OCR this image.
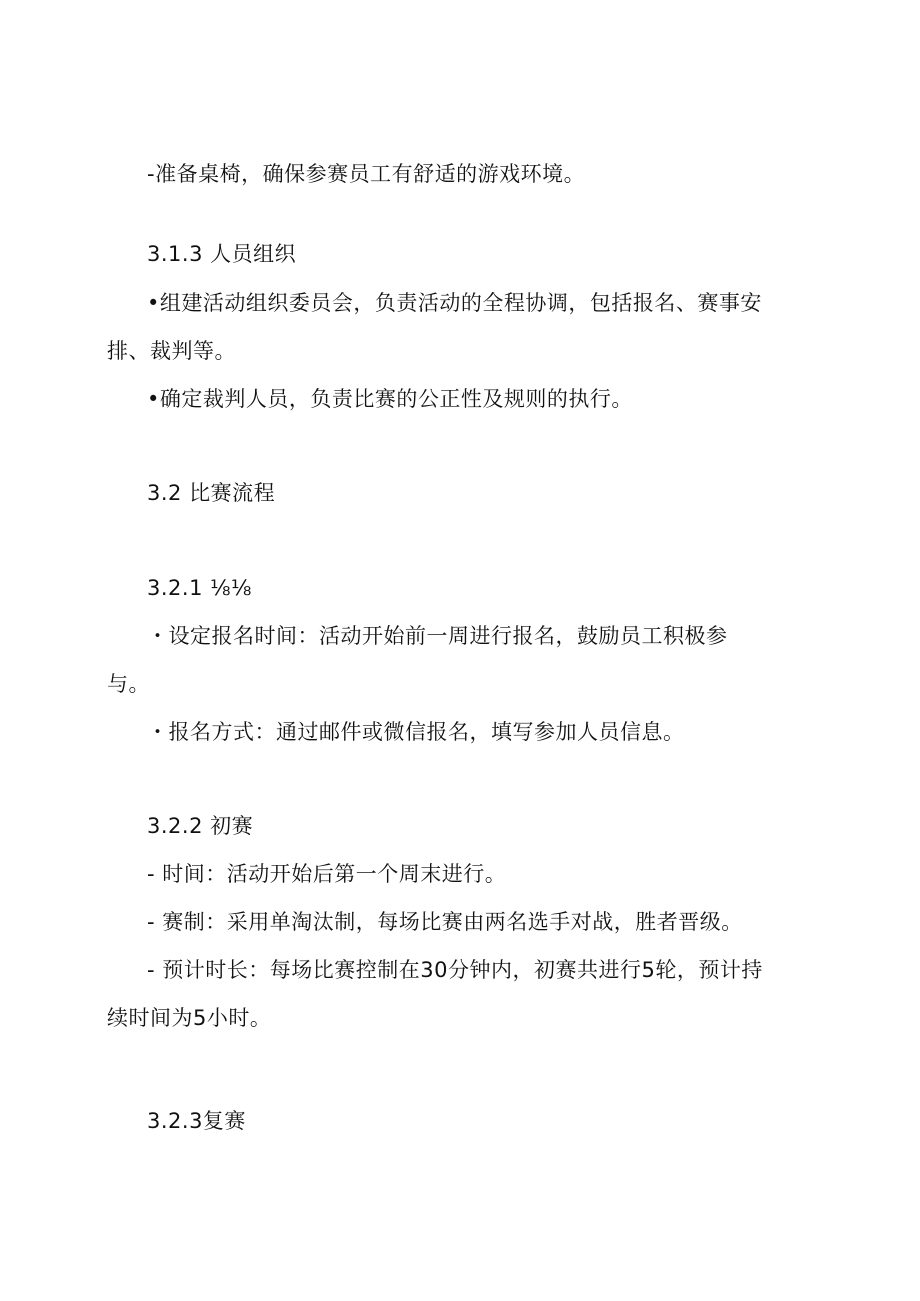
-准备桌椅，确保参赛员工有舒适的游戏环境。
3.1.3 人员组织
•组建活动组织委员会，负责活动的全程协调，包括报名、赛事安
排、裁判等。
•确定裁判人员，负责比赛的公正性及规则的执行。
3.2 比赛流程
3.2.1 ⅛⅛
・设定报名时间：活动开始前一周进行报名，鼓励员工积极参
与。
・报名方式：通过邮件或微信报名，填写参加人员信息。
3.2.2 初赛
- 时间：活动开始后第一个周末进行。
- 赛制：采用单淘汰制，每场比赛由两名选手对战，胜者晋级。
- 预计时长：每场比赛控制在30分钟内，初赛共进行5轮，预计持
续时间为5小时。
3.2.3复赛
